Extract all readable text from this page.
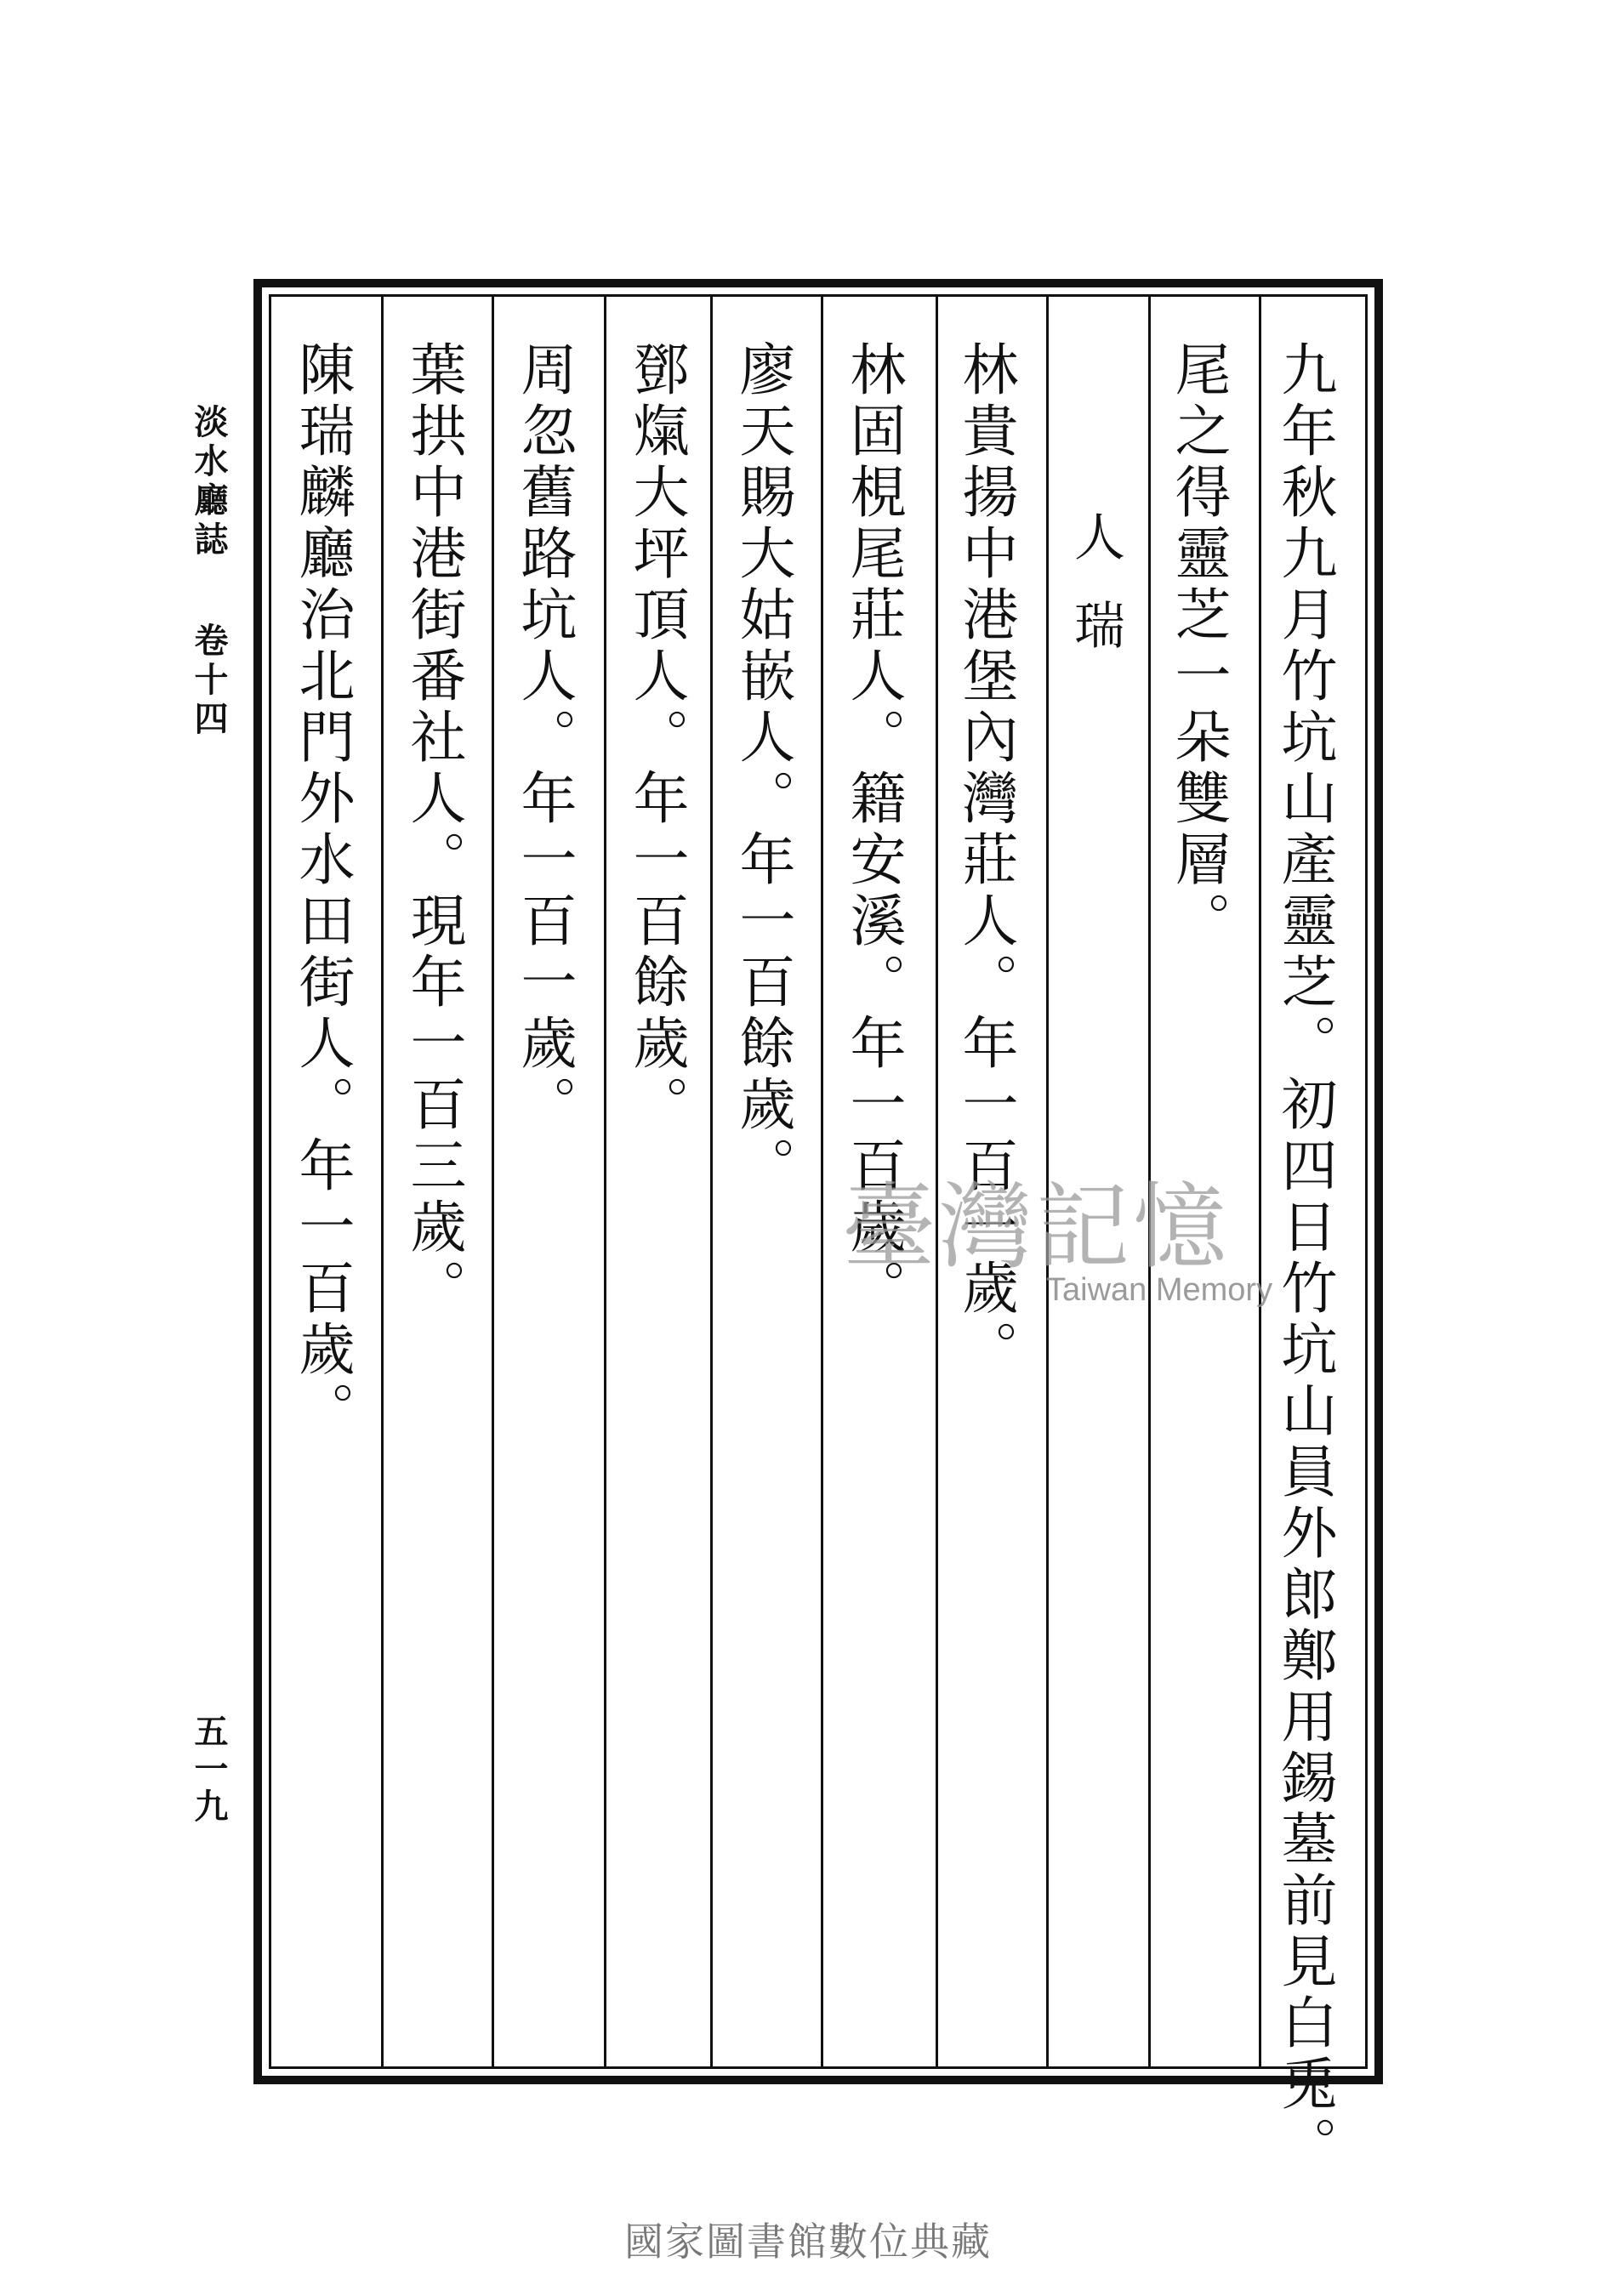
九年秋九月竹坑山產靈芝。初四日竹坑山員外郎鄭用錫墓前見白兎。
尾之得靈芝一朵雙層。
人瑞
林貴揚中港堡內灣莊人。年一百一歲。
林固梘尾莊人。籍安溪。年一百歲。
廖天賜大姑嵌人。年一百餘歲。
鄧熂大坪頂人。年一百餘歲。
周忽舊路坑人。年一百一歲。
葉拱中港街番社人。現年一百三歲。
陳瑞麟廳治北門外水田街人。年一百歲。
淡水廳誌
卷十四
五一九
臺灣記憶
Taiwan Memory
國家圖書館數位典藏
